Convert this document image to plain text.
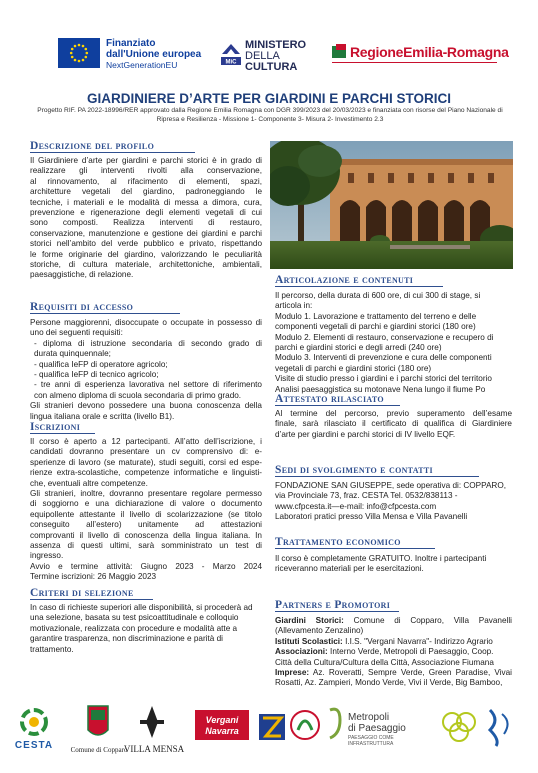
Finanziato
dall'Unione europea
NextGenerationEU	MiC
MINISTERO
DELLA
CULTURA
RegioneEmilia-Romagna
GIARDINIERE D’ARTE PER GIARDINI E PARCHI STORICI
Progetto RIF. PA 2022-18996/RER approvato dalla Regione Emilia Romagna con DGR 399/2023 del 20/03/2023 e finanziata con risorse del Piano Nazionale di
Ripresa e Resilienza - Missione 1- Componente 3- Misura 2- Investimento 2.3
Descrizione del profilo
Il Giardiniere d’arte per giardini e parchi storici è in grado di
realizzare gli interventi rivolti alla conservazione,
al rinnovamento, al rifacimento di elementi, spazi,
architetture vegetali del giardino, padroneggiando le
tecniche, i materiali e le modalità di messa a dimora, cura,
prevenzione e rigenerazione degli elementi vegetali di cui
sono composti. Realizza interventi di restauro,
conservazione, manutenzione e gestione dei giardini e parchi
storici nell’ambito del verde pubblico e privato, rispettando
le forme originarie del giardino, valorizzando le peculiarità
storiche, di cultura materiale, architettoniche, ambientali,
paesaggistiche, di relazione.
Requisiti di accesso
Persone maggiorenni, disoccupate o occupate in possesso di
uno dei seguenti requisiti:
- diploma di istruzione secondaria di secondo grado di
durata quinquennale;
- qualifica IeFP di operatore agricolo;
- qualifica IeFP di tecnico agricolo;
- tre anni di esperienza lavorativa nel settore di riferimento
con almeno diploma di scuola secondaria di primo grado.
Gli stranieri devono possedere una buona conoscenza della
lingua italiana orale e scritta (livello B1).
Iscrizioni
Il corso è aperto a 12 partecipanti. All’atto dell’iscrizione, i
candidati dovranno presentare un cv comprensivo di: e-
sperienze di lavoro (se maturate), studi seguiti, corsi ed espe-
rienze extra-scolastiche, competenze informatiche e linguisti-
che, eventuali altre competenze.
Gli stranieri, inoltre, dovranno presentare regolare permesso
di soggiorno e una dichiarazione di valore o documento
equipollente attestante il livello di scolarizzazione (se titolo
conseguito all’estero) unitamente ad attestazioni
comprovanti il livello di conoscenza della lingua italiana. In
assenza di questi ultimi, sarà somministrato un test di
ingresso.
Avvio e termine attività: Giugno 2023 - Marzo 2024
Termine iscrizioni: 26 Maggio 2023
Criteri di selezione
In caso di richieste superiori alle disponibilità, si procederà ad
una selezione, basata su test psicoattitudinale e colloquio
motivazionale, realizzata con procedure e modalità atte a
garantire trasparenza, non discriminazione e parità di
trattamento.
Articolazione e contenuti
Il percorso, della durata di 600 ore, di cui 300 di stage, si
articola in:
Modulo 1. Lavorazione e trattamento del terreno e delle
componenti vegetali di parchi e giardini storici (180 ore)
Modulo 2. Elementi di restauro, conservazione e recupero di
parchi e giardini storici e degli arredi (240 ore)
Modulo 3. Interventi di prevenzione e cura delle componenti
vegetali di parchi e giardini storici (180 ore)
Visite di studio presso i giardini e i parchi storici del territorio
Analisi paesaggistica su motonave Nena lungo il fiume Po
Attestato rilasciato
Al termine del percorso, previo superamento dell’esame
finale, sarà rilasciato il certificato di qualifica di Giardiniere
d’arte per giardini e parchi storici di IV livello EQF.
Sedi di svolgimento e contatti
FONDAZIONE SAN GIUSEPPE, sede operativa di: COPPARO,
via Provinciale 73, fraz. CESTA Tel. 0532/838113 -
www.cfpcesta.it—e-mail: info@cfpcesta.com
Laboratori pratici presso Villa Mensa e Villa Pavanelli
Trattamento economico
Il corso è completamente GRATUITO. Inoltre i partecipanti
riceveranno materiali per le esercitazioni.
Partners e Promotori
Giardini Storici: Comune di Copparo, Villa Pavanelli
(Allevamento Zenzalino)
Istituti Scolastici: I.I.S. "Vergani Navarra"- Indirizzo Agrario
Associazioni: Interno Verde, Metropoli di Paesaggio, Coop.
Città della Cultura/Cultura della Città, Associazione Fiumana
Imprese: Az. Roveratti, Sempre Verde, Green Paradise, Vivai
Rosatti, Az. Zampieri, Mondo Verde, Vivi il Verde, Big Bamboo,
CESTA	Comune di Copparo
VILLA MENSA
Vergani
Navarra
Metropoli
di Paesaggio
PAESAGGIO COME
INFRASTRUTTURA
